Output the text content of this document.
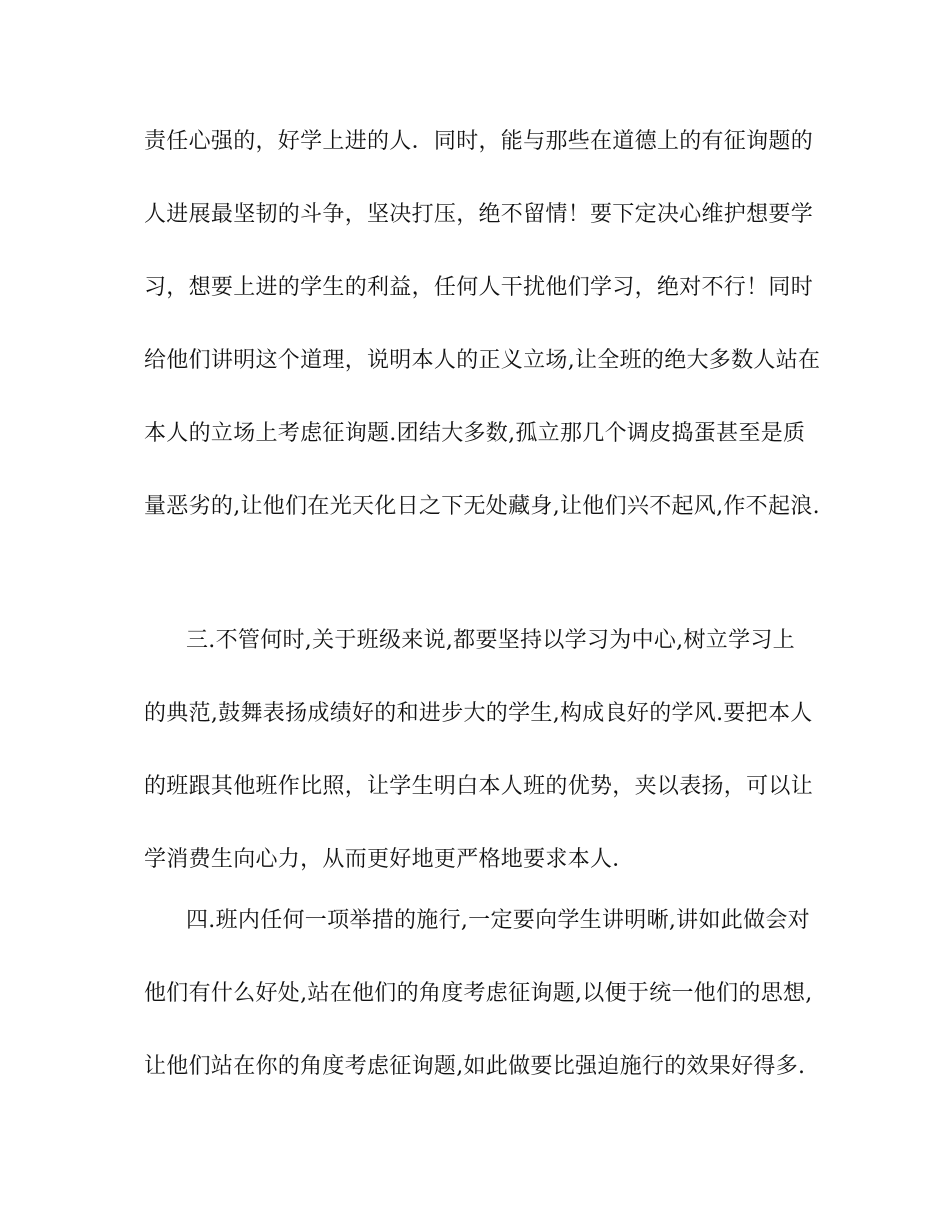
责任心强的，好学上进的人．同时，能与那些在道德上的有征询题的
人进展最坚韧的斗争，坚决打压，绝不留情！要下定决心维护想要学
习，想要上进的学生的利益，任何人干扰他们学习，绝对不行！同时
给他们讲明这个道理，说明本人的正义立场,让全班的绝大多数人站在
本人的立场上考虑征询题.团结大多数,孤立那几个调皮捣蛋甚至是质
量恶劣的,让他们在光天化日之下无处藏身,让他们兴不起风,作不起浪.
三.不管何时,关于班级来说,都要坚持以学习为中心,树立学习上
的典范,鼓舞表扬成绩好的和进步大的学生,构成良好的学风.要把本人
的班跟其他班作比照，让学生明白本人班的优势，夹以表扬，可以让
学消费生向心力，从而更好地更严格地要求本人．
四.班内任何一项举措的施行,一定要向学生讲明晰,讲如此做会对
他们有什么好处,站在他们的角度考虑征询题,以便于统一他们的思想,
让他们站在你的角度考虑征询题,如此做要比强迫施行的效果好得多.
